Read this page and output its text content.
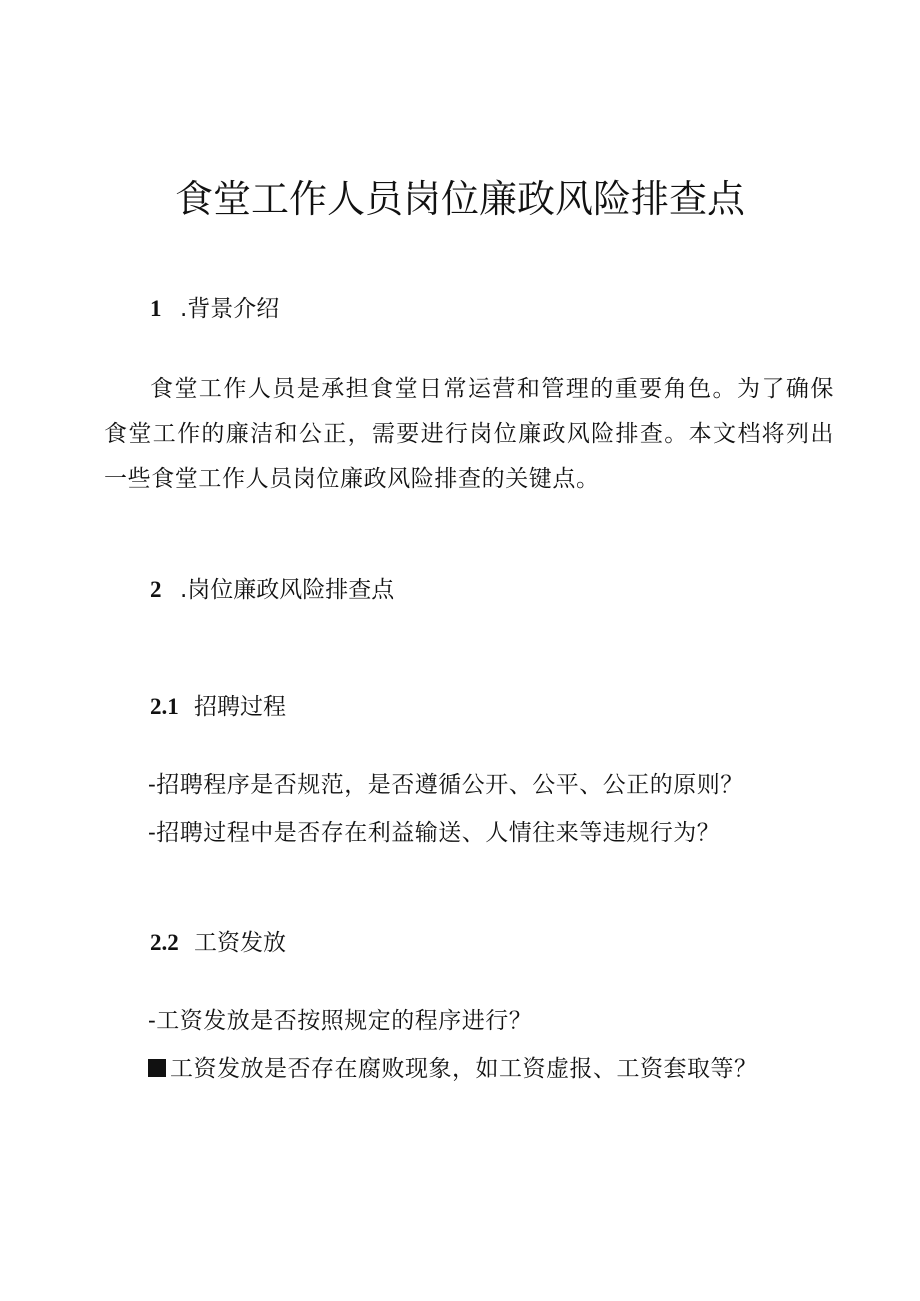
食堂工作人员岗位廉政风险排查点
1 .背景介绍
食堂工作人员是承担食堂日常运营和管理的重要角色。为了确保食堂工作的廉洁和公正，需要进行岗位廉政风险排查。本文档将列出一些食堂工作人员岗位廉政风险排查的关键点。
2 .岗位廉政风险排查点
2.1 招聘过程
-招聘程序是否规范，是否遵循公开、公平、公正的原则？
-招聘过程中是否存在利益输送、人情往来等违规行为？
2.2 工资发放
-工资发放是否按照规定的程序进行？
工资发放是否存在腐败现象，如工资虚报、工资套取等？
